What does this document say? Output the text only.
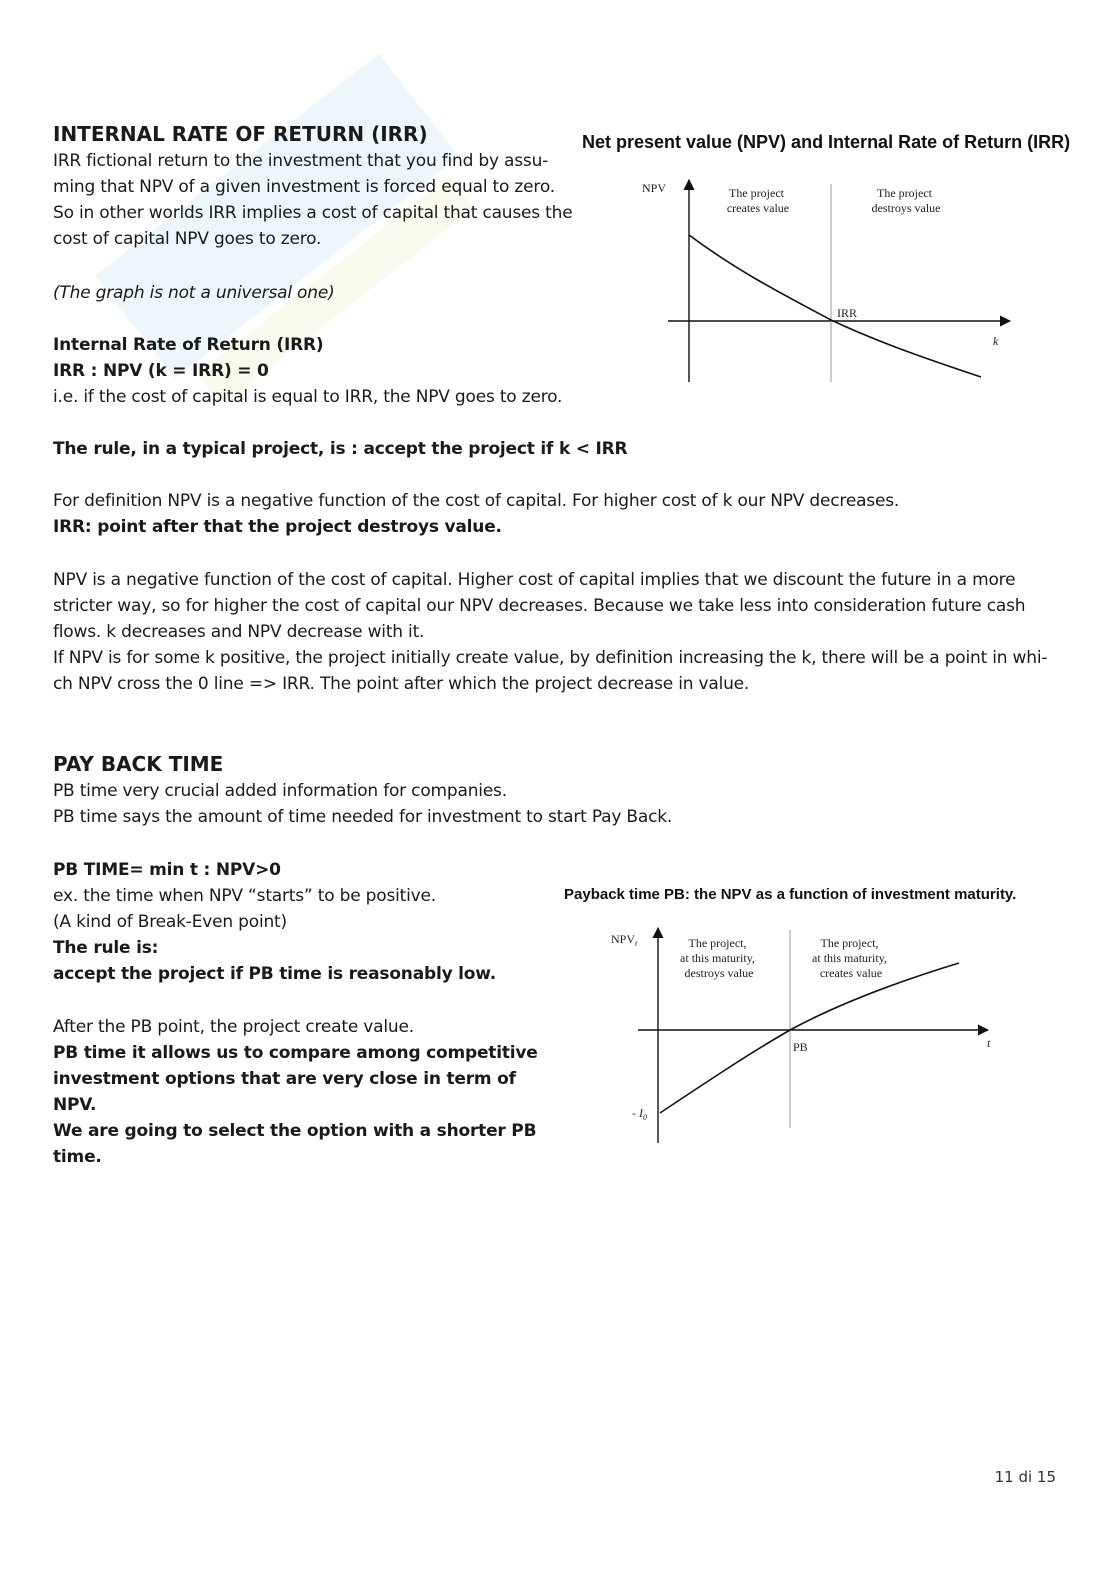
INTERNAL RATE OF RETURN (IRR)

IRR fictional return to the investment that you find by assu-

ming that NPV of a given investment is forced equal to zero.

So in other worlds IRR implies a cost of capital that causes the

cost of capital NPV goes to zero.

(The graph is not a universal one)

Internal Rate of Return (IRR)

IRR : NPV (k = IRR) = 0

i.e. if the cost of capital is equal to IRR, the NPV goes to zero.

The rule, in a typical project, is : accept the project if k < IRR

For definition NPV is a negative function of the cost of capital. For higher cost of k our NPV decreases.

IRR: point after that the project destroys value.

NPV is a negative function of the cost of capital. Higher cost of capital implies that we discount the future in a more

stricter way, so for higher the cost of capital our NPV decreases. Because we take less into consideration future cash

flows. k decreases and NPV decrease with it.

If NPV is for some k positive, the project initially create value, by definition increasing the k, there will be a point in whi-

ch NPV cross the 0 line => IRR. The point after which the project decrease in value.

Net present value (NPV) and Internal Rate of Return (IRR)
NPV
k
IRR
The project creates value
The project destroys value

PAY BACK TIME

PB time very crucial added information for companies.

PB time says the amount of time needed for investment to start Pay Back.

PB TIME= min t : NPV>0

ex. the time when NPV “starts” to be positive.

(A kind of Break-Even point)

The rule is:

accept the project if PB time is reasonably low.

After the PB point, the project create value.

PB time it allows us to compare among competitive

investment options that are very close in term of

NPV.

We are going to select the option with a shorter PB

time.

Payback time PB: the NPV as a function of investment maturity.
$NPV_t$
t
PB
- $I_0$
The project, at this maturity, destroys value
The project, at this maturity, creates value
11 di 15
